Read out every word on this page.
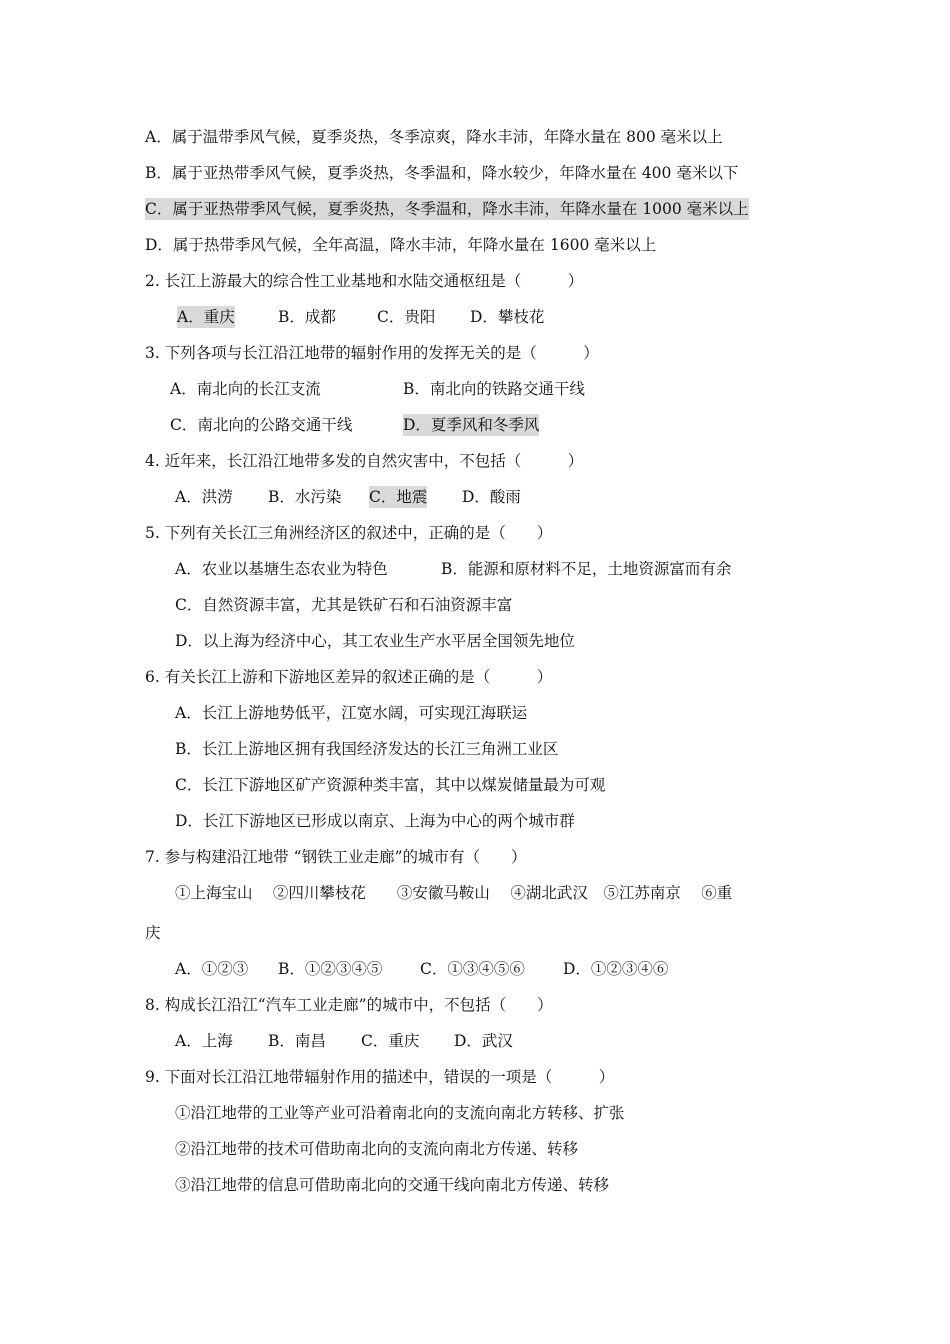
A．属于温带季风气候，夏季炎热，冬季凉爽，降水丰沛，年降水量在 800 毫米以上
B．属于亚热带季风气候，夏季炎热，冬季温和，降水较少，年降水量在 400 毫米以下
C．属于亚热带季风气候，夏季炎热，冬季温和，降水丰沛，年降水量在 1000 毫米以上
D．属于热带季风气候，全年高温，降水丰沛，年降水量在 1600 毫米以上
2. 长江上游最大的综合性工业基地和水陆交通枢纽是（　　　）
A．重庆	B．成都	C．贵阳 D．攀枝花
3. 下列各项与长江沿江地带的辐射作用的发挥无关的是（　　　）
A．南北向的长江支流	B．南北向的铁路交通干线
C．南北向的公路交通干线	D．夏季风和冬季风
4. 近年来，长江沿江地带多发的自然灾害中，不包括（　　　）
A．洪涝 B．水污染 C．地震 D．酸雨
5. 下列有关长江三角洲经济区的叙述中，正确的是（　　）
A．农业以基塘生态农业为特色	B．能源和原材料不足，土地资源富而有余
C．自然资源丰富，尤其是铁矿石和石油资源丰富
D．以上海为经济中心，其工农业生产水平居全国领先地位
6. 有关长江上游和下游地区差异的叙述正确的是（　　　）
A．长江上游地势低平，江宽水阔，可实现江海联运
B．长江上游地区拥有我国经济发达的长江三角洲工业区
C．长江下游地区矿产资源种类丰富，其中以煤炭储量最为可观
D．长江下游地区已形成以南京、上海为中心的两个城市群
7. 参与构建沿江地带 “钢铁工业走廊”的城市有（　　）
①上海宝山　 ②四川攀枝花　　③安徽马鞍山　 ④湖北武汉　⑤江苏南京　 ⑥重
庆
A．①②③ B．①②③④⑤ C．①③④⑤⑥ D．①②③④⑥
8. 构成长江沿江“汽车工业走廊”的城市中，不包括（　　）
A．上海 B．南昌 C．重庆 D．武汉
9. 下面对长江沿江地带辐射作用的描述中，错误的一项是（　　　）
①沿江地带的工业等产业可沿着南北向的支流向南北方转移、扩张
②沿江地带的技术可借助南北向的支流向南北方传递、转移
③沿江地带的信息可借助南北向的交通干线向南北方传递、转移
